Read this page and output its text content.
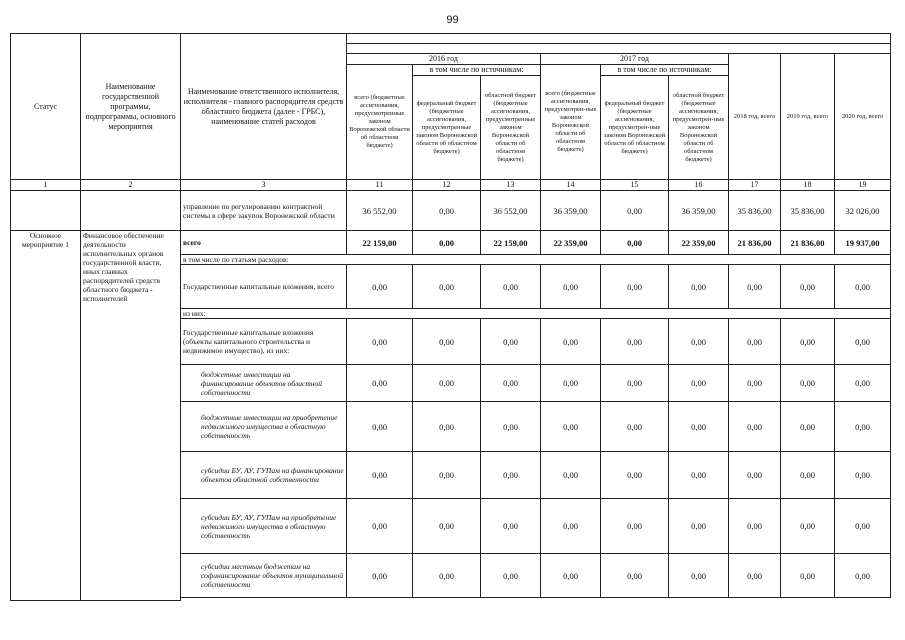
99
Статус	Наименование государственной программы, подпрограммы, основного мероприятия	Наименование ответственного исполнителя, исполнителя - главного распорядителя средств областного бюджета (далее - ГРБС), наименование статей расходов									

			2016 год			2017 год			2018 год, всего	2019 год, всего	2020 год, всего
			всего (бюджетные ассигнования, предусмотренные законом Воронежской области об областном бюджете)	в том числе по источникам:		всего (бюджетные ассигнования, предусмотрен-ные законом Воронежской области об областном бюджете)	в том числе по источникам:				
				федеральный бюджет (бюджетные ассигнования, предусмотренные законом Воронежской области об областном бюджете)	областной бюджет (бюджетные ассигнования, предусмотренные законом Воронежской области об областном бюджете)		федеральный бюджет (бюджетные ассигнования, предусмотрен-ные законом Воронежской области об областном бюджете)	областной бюджет (бюджетные ассигнования, предусмотрен-ные законом Воронежской области об областном бюджете)			
1	2	3	11	12	13	14	15	16	17	18	19
		управление по регулированию контрактной системы в сфере закупок Воронежской области	36 552,00	0,00	36 552,00	36 359,00	0,00	36 359,00	35 836,00	35 836,00	32 026,00
Основное мероприятие 1	Финансовое обеспечение деятельности исполнительных органов государственной власти, иных главных распорядителей средств областного бюджета - исполнителей	всего	22 159,00	0,00	22 159,00	22 359,00	0,00	22 359,00	21 836,00	21 836,00	19 937,00
		в том числе по статьям расходов:									
		Государственные капитальные вложения, всего	0,00	0,00	0,00	0,00	0,00	0,00	0,00	0,00	0,00
		из них:									
		Государственные капитальные вложения (объекты капитального строительства и недвижимое имущество), из них:	0,00	0,00	0,00	0,00	0,00	0,00	0,00	0,00	0,00
		бюджетные инвестиции на финансирование объектов областной собственности	0,00	0,00	0,00	0,00	0,00	0,00	0,00	0,00	0,00
		бюджетные инвестиции на приобретение недвижимого имущества в областную собственность	0,00	0,00	0,00	0,00	0,00	0,00	0,00	0,00	0,00
		субсидии БУ, АУ, ГУПам на финансирование объектов областной собственности	0,00	0,00	0,00	0,00	0,00	0,00	0,00	0,00	0,00
		субсидии БУ, АУ, ГУПам на приобретение недвижимого имущества в областную собственность	0,00	0,00	0,00	0,00	0,00	0,00	0,00	0,00	0,00
		субсидии местным бюджетам на софинансирование объектов муниципальной собственности	0,00	0,00	0,00	0,00	0,00	0,00	0,00	0,00	0,00
